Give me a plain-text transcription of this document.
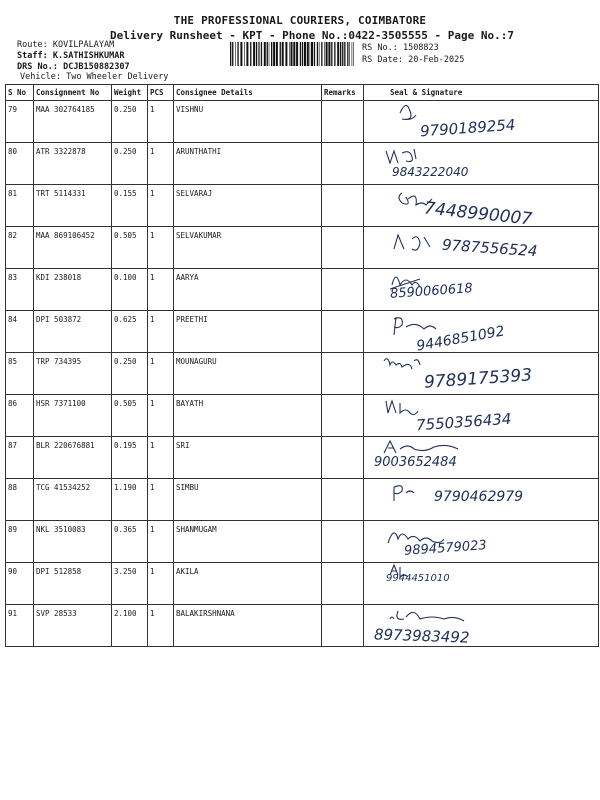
THE PROFESSIONAL COURIERS, COIMBATORE
Delivery Runsheet - KPT - Phone No.:0422-3505555 - Page No.:7
Route: KOVILPALAYAM
Staff: K.SATHISHKUMAR
DRS No.: DCJB150882307
Vehicle: Two Wheeler Delivery
RS No.: 1508823
RS Date: 20-Feb-2025
S No	Consignment No	Weight	PCS	Consignee Details	Remarks	Seal & Signature
79	MAA 302764185	0.250	1	VISHNU		9790189254

80	ATR 3322878	0.250	1	ARUNTHATHI		9843222040

81	TRT 5114331	0.155	1	SELVARAJ		7448990007

82	MAA 869106452	0.505	1	SELVAKUMAR		9787556524

83	KDI 238018	0.100	1	AARYA		8590060618

84	DPI 503872	0.625	1	PREETHI		9446851092

85	TRP 734395	0.250	1	MOUNAGURU		9789175393

86	HSR 7371100	0.505	1	BAYATH		7550356434

87	BLR 220676881	0.195	1	SRI		9003652484

88	TCG 41534252	1.190	1	SIMBU		9790462979

89	NKL 3510083	0.365	1	SHANMUGAM		9894579023

90	DPI 512858	3.250	1	AKILA		9944451010

91	SVP 28533	2.100	1	BALAKIRSHNANA		8973983492
